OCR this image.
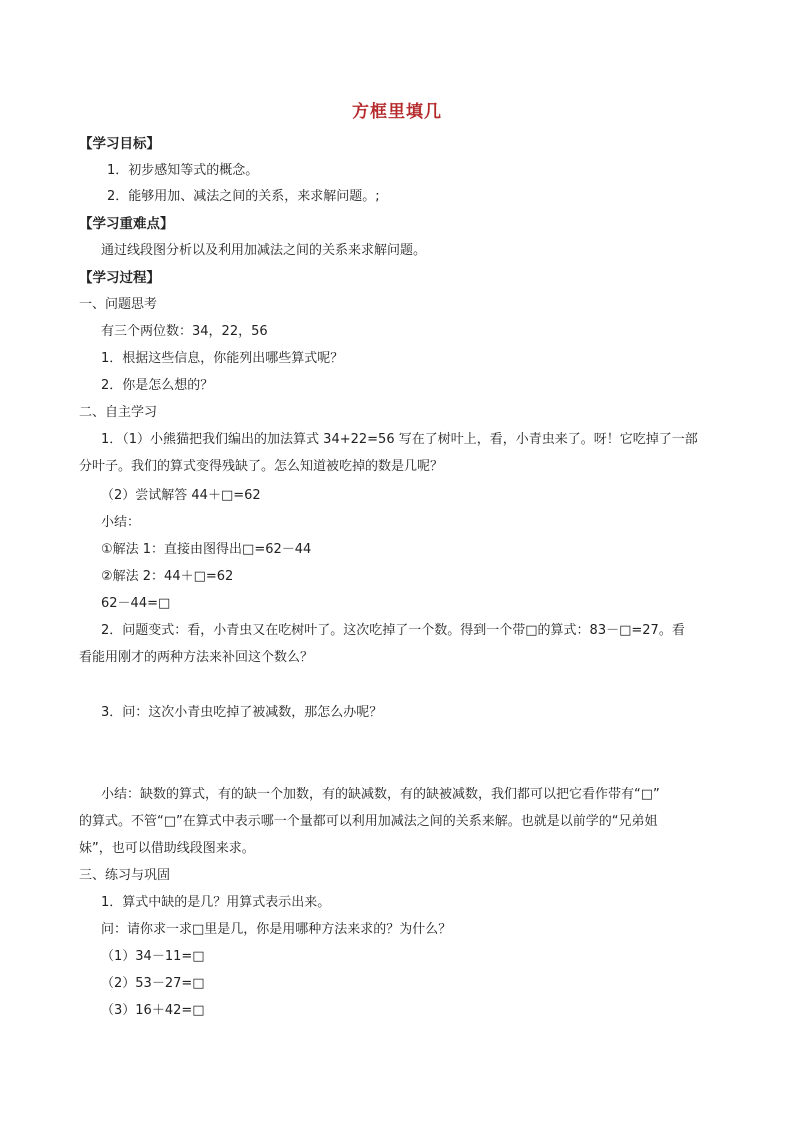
方框里填几
【学习目标】
1．初步感知等式的概念。
2．能够用加、减法之间的关系，来求解问题。;
【学习重难点】
通过线段图分析以及利用加减法之间的关系来求解问题。
【学习过程】
一、问题思考
有三个两位数：34，22，56
1．根据这些信息，你能列出哪些算式呢？
2．你是怎么想的？
二、自主学习
1．（1）小熊猫把我们编出的加法算式 34+22=56 写在了树叶上，看，小青虫来了。呀！它吃掉了一部
分叶子。我们的算式变得残缺了。怎么知道被吃掉的数是几呢？
（2）尝试解答 44＋□=62
小结：
①解法 1：直接由图得出□=62－44
②解法 2：44＋□=62
62－44=□
2．问题变式：看，小青虫又在吃树叶了。这次吃掉了一个数。得到一个带□的算式：83－□=27。看
看能用刚才的两种方法来补回这个数么？
3．问：这次小青虫吃掉了被减数，那怎么办呢？
小结：缺数的算式，有的缺一个加数，有的缺减数，有的缺被减数，我们都可以把它看作带有“□”
的算式。不管“□”在算式中表示哪一个量都可以利用加减法之间的关系来解。也就是以前学的“兄弟姐
妹”，也可以借助线段图来求。
三、练习与巩固
1．算式中缺的是几？用算式表示出来。
问：请你求一求□里是几，你是用哪种方法来求的？为什么？
（1）34－11=□
（2）53－27=□
（3）16＋42=□
